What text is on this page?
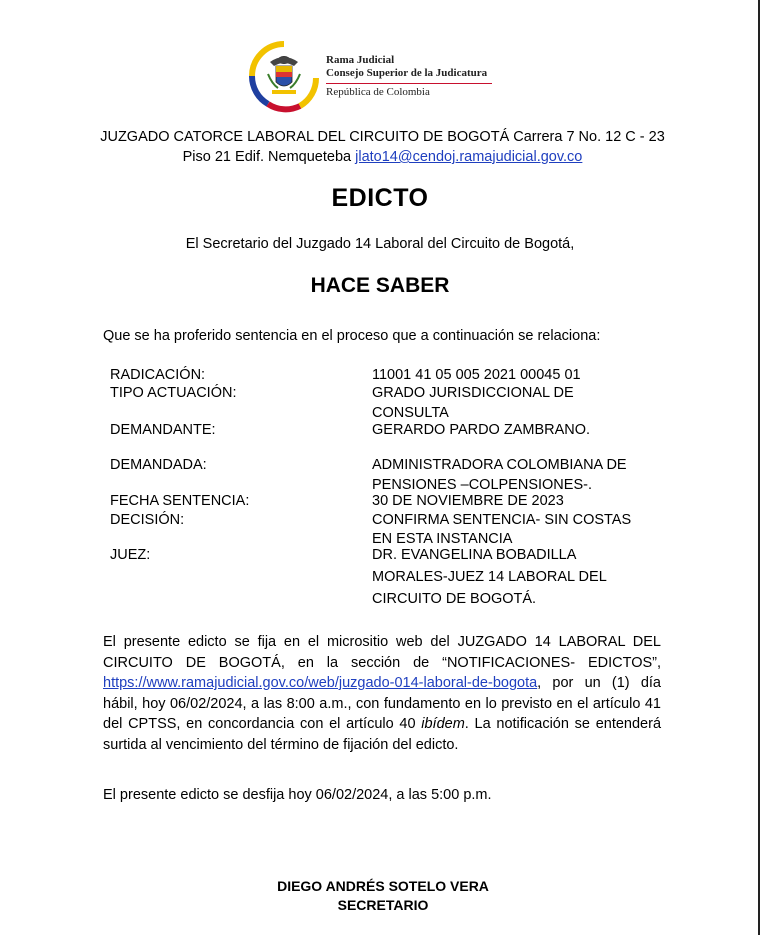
Rama Judicial
Consejo Superior de la Judicatura
República de Colombia
JUZGADO CATORCE LABORAL DEL CIRCUITO DE BOGOTÁ Carrera 7 No. 12 C - 23 Piso 21 Edif. Nemqueteba jlato14@cendoj.ramajudicial.gov.co
EDICTO
El Secretario del Juzgado 14 Laboral del Circuito de Bogotá,
HACE SABER
Que se ha proferido sentencia en el proceso que a continuación se relaciona:
RADICACIÓN:	11001 41 05 005 2021 00045 01
TIPO ACTUACIÓN:	GRADO JURISDICCIONAL DE
CONSULTA
DEMANDANTE:	GERARDO PARDO ZAMBRANO.
DEMANDADA:	ADMINISTRADORA COLOMBIANA DE
PENSIONES –COLPENSIONES-.
FECHA SENTENCIA:	30 DE NOVIEMBRE DE 2023
DECISIÓN:	CONFIRMA SENTENCIA- SIN COSTAS
EN ESTA INSTANCIA
JUEZ:	DR. EVANGELINA BOBADILLA
MORALES-JUEZ 14 LABORAL DEL
CIRCUITO DE BOGOTÁ.
El presente edicto se fija en el micrositio web del JUZGADO 14 LABORAL DEL CIRCUITO DE BOGOTÁ, en la sección de “NOTIFICACIONES- EDICTOS”, https://www.ramajudicial.gov.co/web/juzgado-014-laboral-de-bogota, por un (1) día hábil, hoy 06/02/2024, a las 8:00 a.m., con fundamento en lo previsto en el artículo 41 del CPTSS, en concordancia con el artículo 40 ibídem. La notificación se entenderá surtida al vencimiento del término de fijación del edicto.
El presente edicto se desfija hoy 06/02/2024, a las 5:00 p.m.
DIEGO ANDRÉS SOTELO VERA
SECRETARIO
